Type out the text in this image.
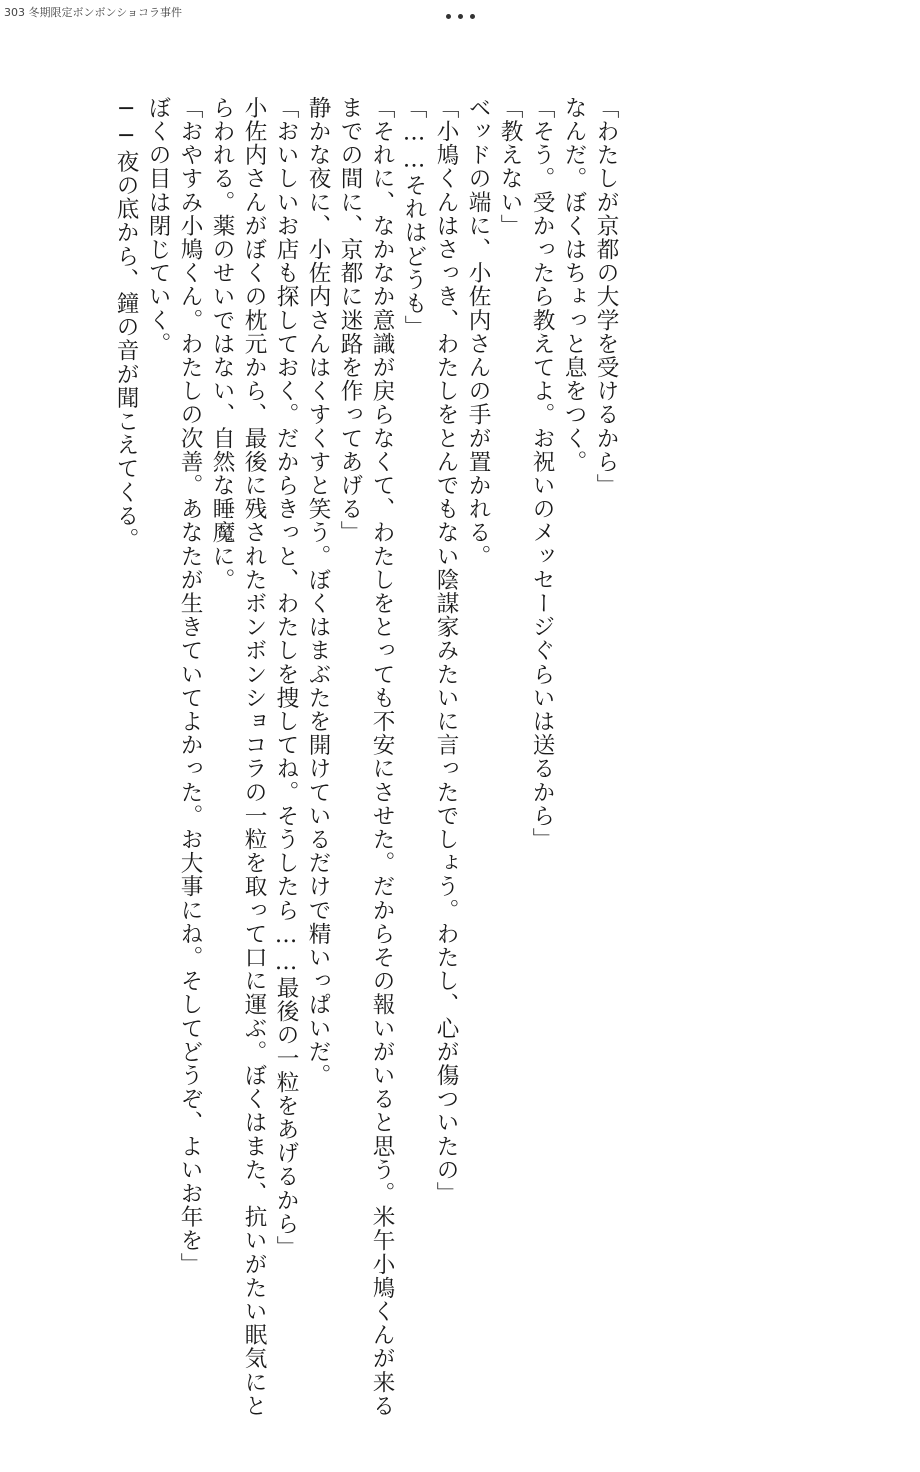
303 冬期限定ボンボンショコラ事件

「わたしが京都の大学を受けるから」

なんだ。ぼくはちょっと息をつく。

「そう。受かったら教えてよ。お祝いのメッセージぐらいは送るから」

「教えない」

ベッドの端に、小佐内さんの手が置かれる。

「小鳩くんはさっき、わたしをとんでもない陰謀家みたいに言ったでしょう。わたし、心が傷ついたの」

「……それはどうも」

「それに、なかなか意識が戻らなくて、わたしをとっても不安にさせた。だからその報いがいると思う。米午小鳩くんが来るまでの間に、京都に迷路を作ってあげる」

静かな夜に、小佐内さんはくすくすと笑う。ぼくはまぶたを開けているだけで精いっぱいだ。

「おいしいお店も探しておく。だからきっと、わたしを捜してね。そうしたら……最後の一粒をあげるから」

小佐内さんがぼくの枕元から、最後に残されたボンボンショコラの一粒を取って口に運ぶ。ぼくはまた、抗いがたい眠気にとらわれる。薬のせいではない、自然な睡魔に。

「おやすみ小鳩くん。わたしの次善。あなたが生きていてよかった。お大事にね。そしてどうぞ、よいお年を」

ぼくの目は閉じていく。

──夜の底から、鐘の音が聞こえてくる。
